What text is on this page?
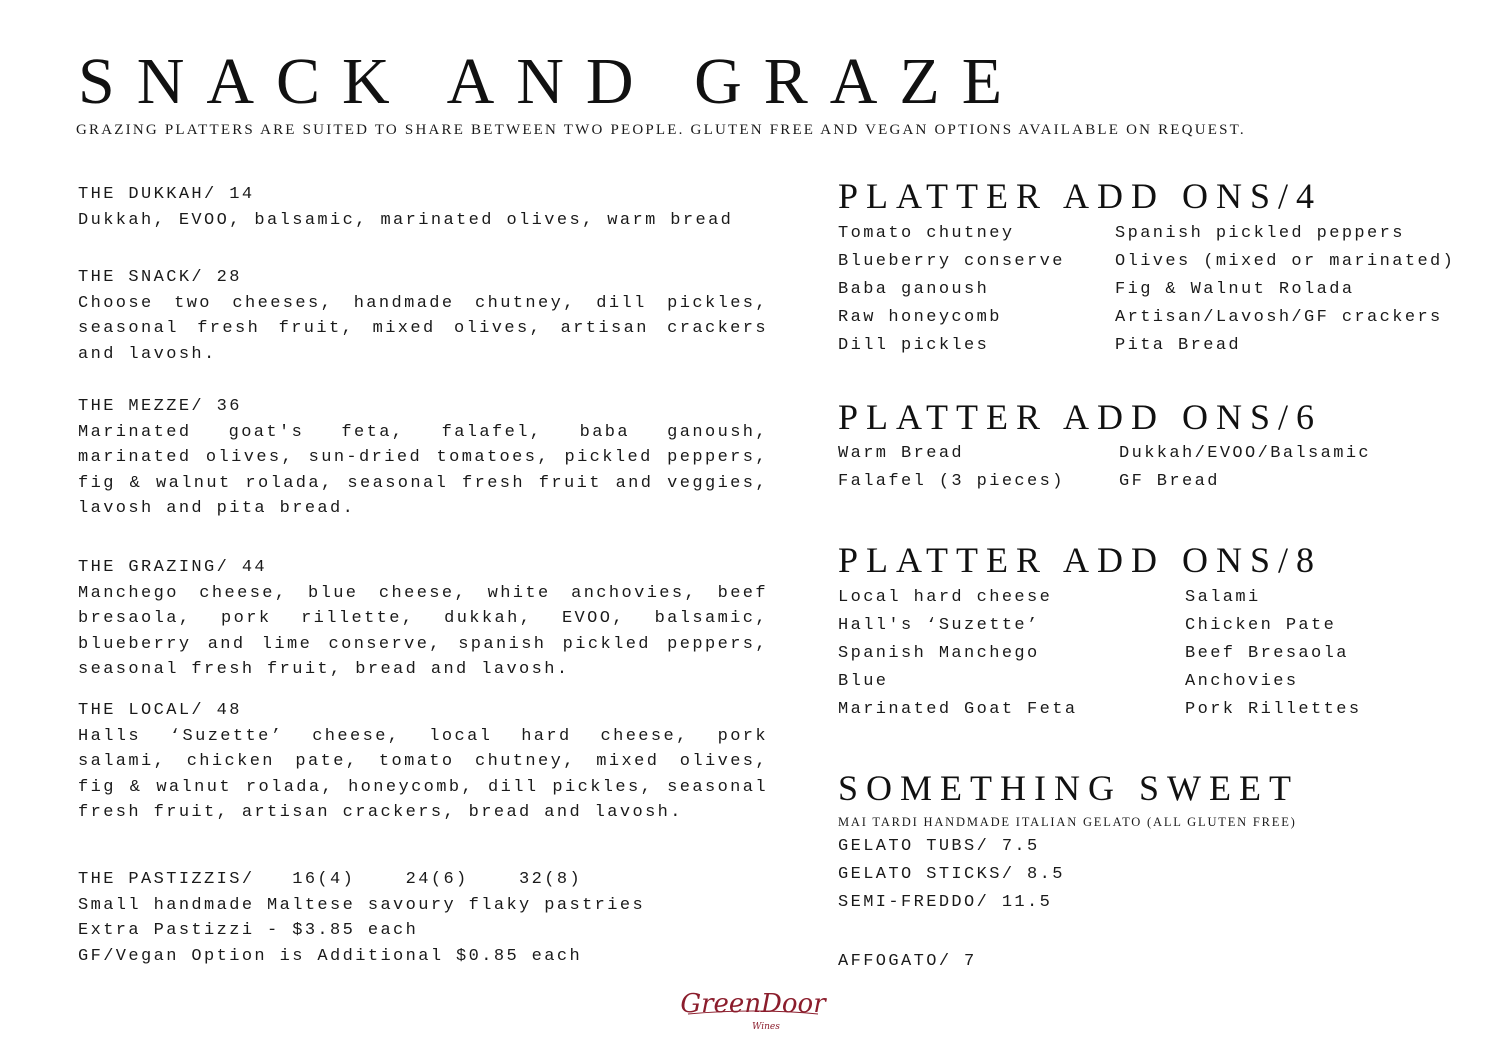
SNACK AND GRAZE
GRAZING PLATTERS ARE SUITED TO SHARE BETWEEN TWO PEOPLE. GLUTEN FREE AND VEGAN OPTIONS AVAILABLE ON REQUEST.
THE DUKKAH/ 14
Dukkah, EVOO, balsamic, marinated olives, warm bread
THE SNACK/ 28
Choose two cheeses, handmade chutney, dill pickles, seasonal fresh fruit, mixed olives, artisan crackers and lavosh.
THE MEZZE/ 36
Marinated goat's feta, falafel, baba ganoush, marinated olives, sun-dried tomatoes, pickled peppers, fig & walnut rolada, seasonal fresh fruit and veggies, lavosh and pita bread.
THE GRAZING/ 44
Manchego cheese, blue cheese, white anchovies, beef bresaola, pork rillette, dukkah, EVOO, balsamic, blueberry and lime conserve, spanish pickled peppers, seasonal fresh fruit, bread and lavosh.
THE LOCAL/ 48
Halls ‘Suzette’ cheese, local hard cheese, pork salami, chicken pate, tomato chutney, mixed olives, fig & walnut rolada, honeycomb, dill pickles, seasonal fresh fruit, artisan crackers, bread and lavosh.
THE PASTIZZIS/   16(4)    24(6)    32(8)
Small handmade Maltese savoury flaky pastries
Extra Pastizzi - $3.85 each
GF/Vegan Option is Additional $0.85 each
PLATTER ADD ONS/4
Tomato chutney
Blueberry conserve
Baba ganoush
Raw honeycomb
Dill pickles
Spanish pickled peppers
Olives (mixed or marinated)
Fig & Walnut Rolada
Artisan/Lavosh/GF crackers
Pita Bread
PLATTER ADD ONS/6
Warm Bread
Falafel (3 pieces)
Dukkah/EVOO/Balsamic
GF Bread
PLATTER ADD ONS/8
Local hard cheese
Hall's ‘Suzette’
Spanish Manchego
Blue
Marinated Goat Feta
Salami
Chicken Pate
Beef Bresaola
Anchovies
Pork Rillettes
SOMETHING SWEET
MAI TARDI HANDMADE ITALIAN GELATO (ALL GLUTEN FREE)
GELATO TUBS/ 7.5
GELATO STICKS/ 8.5
SEMI-FREDDO/ 11.5
AFFOGATO/ 7
GreenDoor
Wines
